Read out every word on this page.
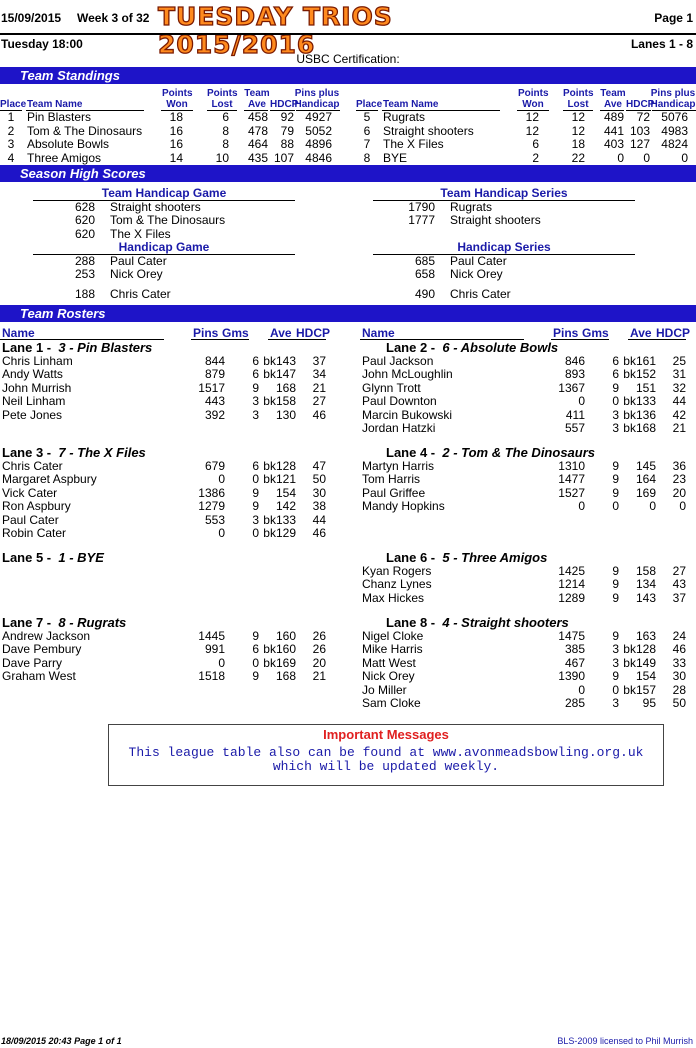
15/09/2015 Week 3 of 32 TUESDAY TRIOS 2015/2016
Page 1
Tuesday 18:00	Lanes 1 - 8
USBC Certification:
Team Standings
Points
Won
Points
Lost
Team
Ave HDCP
Pins plus
Handicap
Place Team Name
1	Pin Blasters	18	6	458	92 4927
2	Tom & The Dinosaurs	16	8	478	79 5052
3	Absolute Bowls	16	8	464	88 4896
4	Three Amigos	14	10	435 107 4846
Points
Won
Points
Lost
Team
Ave HDCP
Pins plus
Handicap
Place Team Name
5	Rugrats	12	12	489	72 5076
6	Straight shooters	12	12	441 103 4983
7	The X Files	6	18	403 127 4824
8	BYE	2	22	0	0	0
Season High Scores
Team Handicap Game
628 Straight shooters
620 Tom & The Dinosaurs
620 The X Files
Team Handicap Series
1790 Rugrats
1777 Straight shooters
Handicap Game
288 Paul Cater
253 Nick Orey
188 Chris Cater
Handicap Series
685 Paul Cater
658 Nick Orey
490 Chris Cater
Team Rosters
Name	Pins Gms Ave HDCP	Name	Pins Gms Ave HDCP
Lane 1 - 3 - Pin Blasters
Chris Linham	844	6 bk143	37
Andy Watts	879	6 bk147	34
John Murrish	1517	9	168	21
Neil Linham	443	3 bk158	27
Pete Jones	392	3	130	46
Lane 2 - 6 - Absolute Bowls
Paul Jackson	846	6 bk161	25
John McLoughlin	893	6 bk152	31
Glynn Trott	1367	9	151	32
Paul Downton	0	0 bk133	44
Marcin Bukowski	411	3 bk136	42
Jordan Hatzki	557	3 bk168	21
Lane 3 - 7 - The X Files
Chris Cater	679	6 bk128	47
Margaret Aspbury	0	0 bk121	50
Vick Cater	1386	9	154	30
Ron Aspbury	1279	9	142	38
Paul Cater	553	3 bk133	44
Robin Cater	0	0 bk129	46
Lane 4 - 2 - Tom & The Dinosaurs
Martyn Harris	1310	9	145	36
Tom Harris	1477	9	164	23
Paul Griffee	1527	9	169	20
Mandy Hopkins	0	0	0	0
Lane 5 - 1 - BYE	Lane 6 - 5 - Three Amigos
Kyan Rogers	1425	9	158	27
Chanz Lynes	1214	9	134	43
Max Hickes	1289	9	143	37
Lane 7 - 8 - Rugrats
Andrew Jackson	1445	9	160	26
Dave Pembury	991	6 bk160	26
Dave Parry	0	0 bk169	20
Graham West	1518	9	168	21
Lane 8 - 4 - Straight shooters
Nigel Cloke	1475	9	163	24
Mike Harris	385	3 bk128	46
Matt West	467	3 bk149	33
Nick Orey	1390	9	154	30
Jo Miller	0	0 bk157	28
Sam Cloke	285	3	95	50
Important Messages
This league table also can be found at www.avonmeadsbowling.org.uk
which will be updated weekly.
18/09/2015 20:43 Page 1 of 1	BLS-2009 licensed to Phil Murrish
